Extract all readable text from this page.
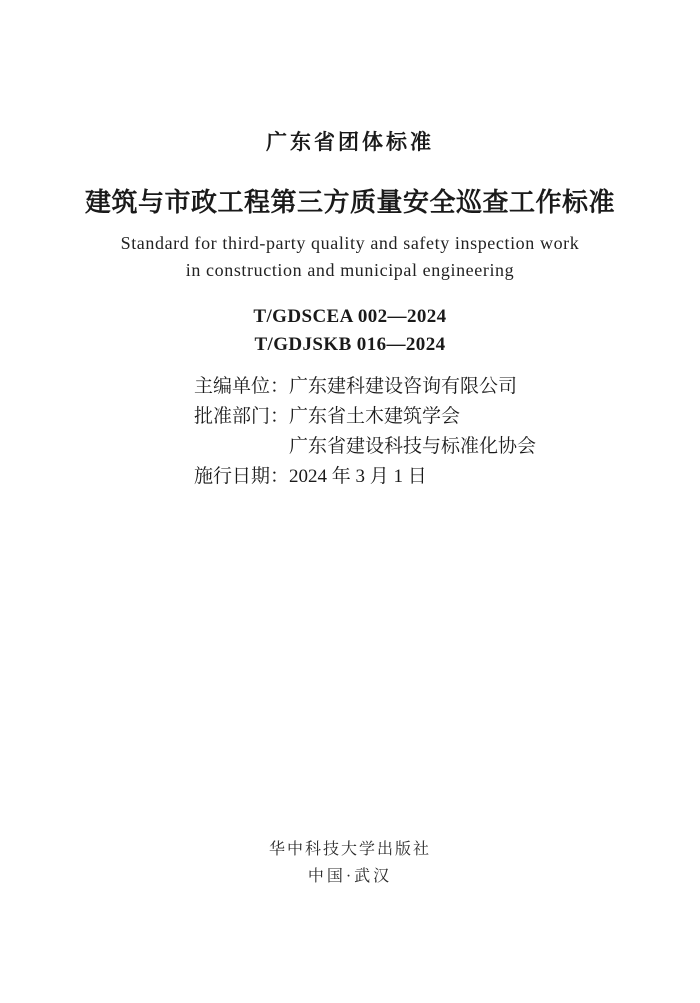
广东省团体标准
建筑与市政工程第三方质量安全巡查工作标准
Standard for third-party quality and safety inspection work
in construction and municipal engineering
T/GDSCEA 002—2024
T/GDJSKB 016—2024
主编单位： 广东建科建设咨询有限公司
批准部门： 广东省土木建筑学会
广东省建设科技与标准化协会
施行日期： 2024 年 3 月 1 日
华中科技大学出版社
中国·武汉
